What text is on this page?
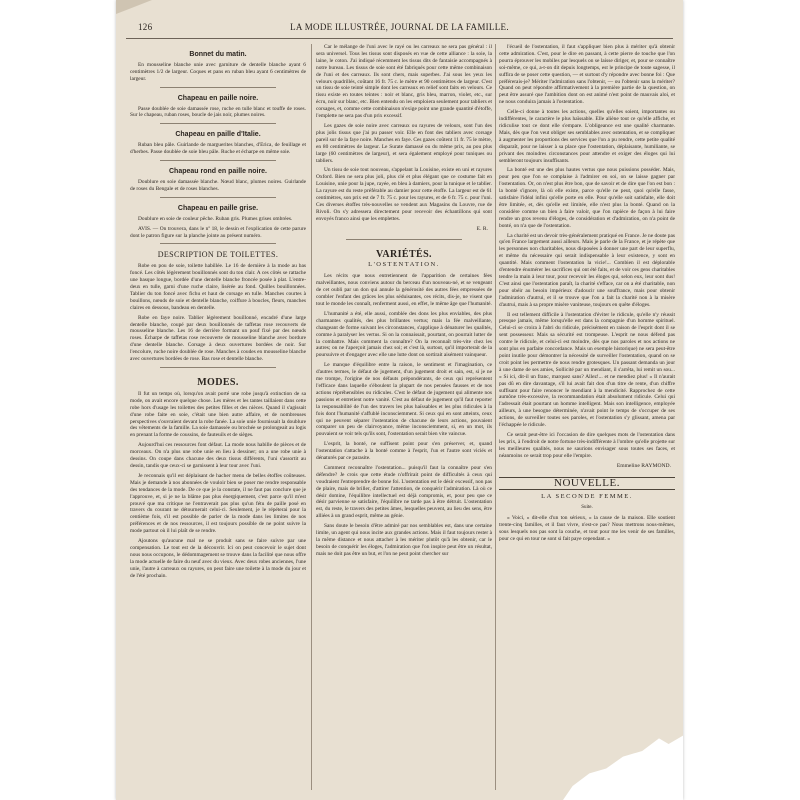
126	LA MODE ILLUSTRÉE, JOURNAL DE LA FAMILLE.
Bonnet du matin.

En mousseline blanche unie avec garniture de dentelle blanche ayant 6 centimètres 1/2 de largeur. Coques et pans en ruban bleu ayant 6 centimètres de largeur.

Chapeau en paille noire.

Passe doublée de soie damassée rose, ruche en tulle blanc et touffe de roses. Sur le chapeau, ruban roses, boucle de jais noir, plumes noires.

Chapeau en paille d'Italie.

Ruban bleu pâle. Guirlande de marguerites blanches, d'Erica, de feuillage et d'herbes. Passe doublée de soie bleu pâle. Ruche et écharpe en même soie.

Chapeau rond en paille noire.

Doublure en soie damassée blanche. Nœud blanc, plumes noires. Guirlande de roses du Bengale et de roses blanches.

Chapeau en paille grise.

Doublure en soie de couleur pêche. Ruban gris. Plumes grises ombrées.

AVIS. — On trouvera, dans le nº 18, le dessin et l'explication de cette parure dont le patron figure sur la planche jointe au présent numéro.

DESCRIPTION DE TOILETTES.

Robe en pou de soie, toilette habillée. Le 16 de dernière à la mode au bas foncé. Les côtés légèrement bouillonnés sont du ton clair. A ces côtés se rattache une basque longue, bordée d'une dentelle blanche froncée posée à plat. L'entre-deux en tulle, garni d'une ruche claire, lisérée au fond. Quilles bouillonnées. Tablier du ton foncé avec fichu et haut de corsage en tulle. Manches courtes à bouillons, nœuds de soie et dentelle blanche, coiffure à boucles, fleurs, manches claires en dessous, bandeau en dentelle.

Robe en faye noire. Tablier légèrement bouillonné, encadré d'une large dentelle blanche, coupé par deux bouillonnés de taffetas rose recouverts de mousseline blanche. Les 16 de derrière formant un pouf fixé par des nœuds roses. Écharpe de taffetas rose recouverte de mousseline blanche avec bordure d'une dentelle blanche. Corsage à deux ouvertures bordées de noir. Sur l'encolure, ruche noire doublée de rose. Manches à coudes en mousseline blanche avec ouvertures bordées de rose. Bas rose et dentelle blanche.

MODES.

Il fut un temps où, lorsqu'on avait porté une robe jusqu'à extinction de sa mode, on avait encore quelque chose. Les mères et les tantes taillaient dans cette robe hors d'usage les toilettes des petites filles et des nièces. Quand il s'agissait d'une robe faite en soie, c'était une bien autre affaire, et de nombreuses perspectives s'ouvraient devant la robe fanée. La soie unie fournissait la doublure des vêtements de la famille. La soie damassée ou brochée se prolongeait au logis en prenant la forme de coussins, de fauteuils et de sièges.

Aujourd'hui ces ressources font défaut. La mode nous habille de pièces et de morceaux. On n'a plus une robe unie en lieu à dessiner; on a une robe unie à dessins. On coupe dans chacune des deux tissus différents, l'uni s'assortit au dessin, tandis que ceux-ci se garnissent à leur tour avec l'uni.

Je reconnais qu'il est déplaisant de hacher menu de belles étoffes coûteuses. Mais je demande à nos abonnées de vouloir bien se poser me rendre responsable des tendances de la mode. De ce que je la constate, il ne faut pas conclure que je l'approuve, et, si je ne la blâme pas plus énergiquement, c'est parce qu'il m'est prouvé que ma critique ne l'entraverait pas plus qu'un fétu de paille posé en travers du courant ne détournerait celui-ci. Seulement, je le répéterai pour la centième fois, s'il est possible de parler de la mode dans les limites de nos préférences et de nos ressources, il est toujours possible de ne point suivre la mode partout où il lui plaît de se rendre.

Ajoutons qu'aucune mal ne se produit sans se faire suivre par une compensation. Le tout est de la découvrir. Ici on peut concevoir le sujet dont nous nous occupons, le dédommagement se trouve dans la facilité que nous offre la mode actuelle de faire du neuf avec du vieux. Avec deux robes anciennes, l'une unie, l'autre à carreaux ou rayures, on peut faire une toilette à la mode du jour et de l'été prochain.

Car le mélange de l'uni avec le rayé ou les carreaux ne sera pas général : il sera universel. Tous les tissus sont disposés en vue de cette alliance : la soie, la laine, le coton. J'ai indiqué récemment les tissus dits de fantaisie accompagnés à notre bureau. Les tissus de soie sont été fabriqués pour cette même combinaison de l'uni et des carreaux. Ils sont chers, mais superbes. J'ai sous les yeux les velours quadrillés, coûtant 16 fr. 75 c. le mètre et 90 centimètres de largeur. C'est un tissu de soie teinté simple dont les carreaux en relief sont faits en velours. Ce tissu existe en toutes teintes : noir et blanc, gris bleu, marron, violet, etc., sur écru, noir sur blanc, etc. Bien entendu on les emploiera seulement pour tabliers et corsages, et, comme cette combinaison n'exige point une grande quantité d'étoffe, l'emplette ne sera pas d'un prix excessif.

Les gazes de soie noire avec carreaux ou rayures de velours, sont l'un des plus jolis tissus que j'ai pu passer voir. Elle en font des tabliers avec corsage pareil sur de la faye noire. Manches en faye. Ces gazes coûtent 11 fr. 75 le mètre, en 80 centimètres de largeur. Le Surate damassé ou du même prix, au pou plus large (60 centimètres de largeur), et sera également employé pour tuniques ou tabliers.

Un tissu de soie tout nouveau, s'appelant la Louisine, existe en uni et rayures Oxford. Bien ne sera plus joli, plus clé et plus élégant que ce costume fait en Louisine, unie pour la jupe, rayée, en bleu à damiers, pour la tunique et le tablier. La rayure est du reste préférable au damier pour cette étoffe. La largeur est de 61 centimètres, son prix est de 7 fr. 75 c. pour les rayures, et de 6 fr. 75 c. pour l'uni. Ces diverses étoffes très-nouvelles se vendent aux Magasins du Louvre, rue de Rivoli. On s'y adressera directement pour recevoir des échantillons qui sont envoyés franco ainsi que les emplettes.

E. R.
VARIÉTÉS.
L'OSTENTATION.

Les récits que nous entretiennent de l'apparition de certaines fées malveillantes, nous conviens autour du berceau d'un nouveau-né, et se vengeant de cet oubli par un don qui annule la générosité des autres fées empressées de combler l'enfant des grâces les plus séduisantes, ces récits, dis-je, ne visent que tout le monde les connaît, renferment aussi, en effet, le même âge que l'humanité.

L'humanité a été, elle aussi, comblée des dons les plus enviables, des plus charmantes qualités, des plus brillantes vertus; mais la fée malveillante, changeant de forme suivant les circonstances, s'applique à dénaturer les qualités, comme à paralyser les vertus. Si on la connaissait, pourtant, on pourrait lutter de la combattre. Mais comment la connaître? On la reconnaît très-vite chez les autres; on ne l'aperçoit jamais chez soi; et c'est là, surtout, qu'il importerait de la poursuivre et d'engager avec elle une lutte dont on sortirait aisément vainqueur.

Le manque d'équilibre entre la raison, le sentiment et l'imagination, ce d'autres termes, le défaut de jugement, d'un jugement droit et sain, est, si je ne me trompe, l'origine de nos défauts prépondérants, de ceux qui représentent l'efficace dans laquelle s'éboulent la plupart de nos pensées fausses et de nos actions répréhensibles ou ridicules. C'est le défaut de jugement qui alimente nos passions et entretient notre vanité. C'est au défaut de jugement qu'il faut reporter la responsabilité de l'un des travers les plus haïssables et les plus ridicules à la fois dont l'humanité s'affublé inconsciemment. Si ceux qui en sont atteints, ceux qui ne peuvent séparer l'ostentation de chacune de leurs actions, pouvaient comparer un peu de clairvoyance, même inconsciemment, si, en un mot, ils pouvaient se voir tels qu'ils sont, l'ostentation serait bien vite vaincue.

L'esprit, la bonté, ne suffisent point pour s'en préserver, et, quand l'ostentation s'attache à la bonté comme à l'esprit, l'un et l'autre sont viciés et dénaturés par ce parasite.

Comment reconnaître l'ostentation... puisqu'il faut la connaître pour s'en défendre? Je crois que cette étude n'offrirait point de difficultés à ceux qui voudraient l'entreprendre de bonne foi. L'ostentation est le désir excessif, non pas de plaire, mais de briller, d'attirer l'attention, de conquérir l'admiration. Là où ce désir domine, l'équilibre intellectuel est déjà compromis, et, pour peu que ce désir parvienne se satisfaire, l'équilibre ne tarde pas à être détruit. L'ostentation est, du reste, le travers des petites âmes, lesquelles peuvent, au lieu des sens, être alliées à un grand esprit, même au génie.

Sans doute le besoin d'être admiré par nos semblables est, dans une certaine limite, un agent qui nous incite aux grandes actions. Mais il faut toujours rester à la même distance et nous attacher à les mériter plutôt qu'à les obtenir, car le besoin de conquérir les éloges, l'admiration que l'on inspire peut être un résultat, mais ne doit pas être un but, et l'on ne peut point chercher sur

l'écueil de l'ostentation, il faut s'appliquer bien plus à mériter qu'à obtenir cette admiration. C'est, pour le dire en passant, à cette pierre de touche que l'on pourra éprouver les mobiles par lesquels on se laisse diriger, et, pour se connaître soi-même, ce qui, a-t-on dit depuis longtemps, est le principe de toute sagesse, il suffira de se poser cette question, — et surtout d'y répondre avec bonne foi : Que préférerais-je? Mériter l'admiration sans l'obtenir, — ou l'obtenir sans la mériter? Quand on peut répondre affirmativement à la première partie de la question, on peut être assuré que l'ambition dont on est animé n'est point de mauvais aloi, et ne nous conduira jamais à l'ostentation.

Celle-ci donne à toutes les actions, quelles qu'elles soient, importantes ou indifférentes, le caractère le plus haïssable. Elle aliène tout ce qu'elle affiche, et ridiculise tout ce dont elle s'empare. L'obligeance est une qualité charmante. Mais, dès que l'on veut obliger ses semblables avec ostentation, et se compliquer à augmenter les proportions des services que l'on a pu rendre, cette petite qualité disparaît, pour ne laisser à sa place que l'ostentation, déplaisante, humiliante, se privant des moindres circonstances pour attendre et exiger des éloges qui lui sembleront toujours insuffisants.

La bonté est une des plus hautes vertus que nous puissions posséder. Mais, pour peu que l'on se complaise à l'admirer en soi, on se laisse gagner par l'ostentation. Or, on n'est plus être bon, que de savoir et de dire que l'on est bon : la bonté s'ignore, là où elle existe, parce qu'elle ne peut, quoi qu'elle fasse, satisfaire l'idéal infini qu'elle porte en elle. Pour qu'elle soit satisfaite, elle doit être limitée, et, dès qu'elle est limitée, elle n'est plus la bonté. Quand on la considère comme un bien à faire valoir, que l'on rapièce de façon à lui faire rendre un gros revenu d'éloges, de considération et d'admiration, on n'a point de bonté, on n'a que de l'ostentation.

La charité est un devoir très-généralement pratiqué en France. Je ne doute pas qu'en France largement aussi ailleurs. Mais je parle de la France, et je répète que les personnes non charitables, nous disposées à donner une part de leur superflu, et même du nécessaire qui serait indispensable à leur existence, y sont en quantité. Mais comment l'ostentation la vicie!... Combien il est déplorable d'entendre énumérer les sacrifices qui ont été faits, et de voir ces gens charitables tendre la main à leur tour, pour recevoir les éloges qui, selon eux, leur sont dus! C'est ainsi que l'ostentation paraît, la charité s'efface, car on a été charitable, non pour obéir au besoin impérieux d'adoucir une souffrance, mais pour obtenir l'admiration d'autrui, et il se trouve que l'on a fait la charité non à la misère d'autrui, mais à sa propre misère vaniteuse, toujours en quête d'éloges.

Il est tellement difficile à l'ostentation d'éviter le ridicule, qu'elle n'y réussit presque jamais, même lorsqu'elle est dans la compagnie d'un homme spirituel. Celui-ci se croira à l'abri du ridicule, précisément en raison de l'esprit dont il se sent possesseur. Mais sa sécurité est trompeuse. L'esprit ne nous défend pas contre le ridicule, et celui-ci est moindre, dès que nos paroles et nos actions ne sont plus en parfaite concordance. Mais un exemple historique) ne sera peut-être point inutile pour démontrer la nécessité de surveiller l'ostentation, quand on se croit point les permettre de nous rendre grotesques. Un passant demanda un jour à une dame de ses amies, Sollicité par un mendiant, il s'arrêta, lui remit un sou... « Si ici, dit-il un franc, marquez sans? Allez!... et ne mendiez plus! » Il n'aurait pas dû en dire davantage, s'il lui avait fait don d'un titre de rente, d'un chiffre suffisant pour faire renoncer le mendiant à la mendicité. Rapprochez de cette aumône très-excessive, la recommandation était absolument ridicule. Celui qui l'adressait était pourtant un homme intelligent. Mais son intelligence, employée ailleurs, à une besogne déterminée, n'avait point le temps de s'occuper de ses actions, de surveiller toutes ses paroles, et l'ostentation s'y glissant, amena par l'échappée le ridicule.

Ce serait peut-être ici l'occasion de dire quelques mots de l'ostentation dans les prix, à l'endroit de notre fortune très-indifférente à l'ombre qu'elle projette sur les meilleures qualités, nous ne saurions envisager sous toutes ses faces, et néanmoins ce serait trop pour elle l'empire.

Emmeline RAYMOND.
NOUVELLE.
LA SECONDE FEMME.
Suite.

« Voici, » dit-elle d'un ton sérieux, « la cause de la maison. Elle soutient trente-cinq familles, et il faut vivre, n'est-ce pas? Nous mettrons nous-mêmes, sous lesquels nos pas sont la couche, et tout pour me les venir de ses familles, pour ce qui en tour ne sont si fait paye cependant. »
